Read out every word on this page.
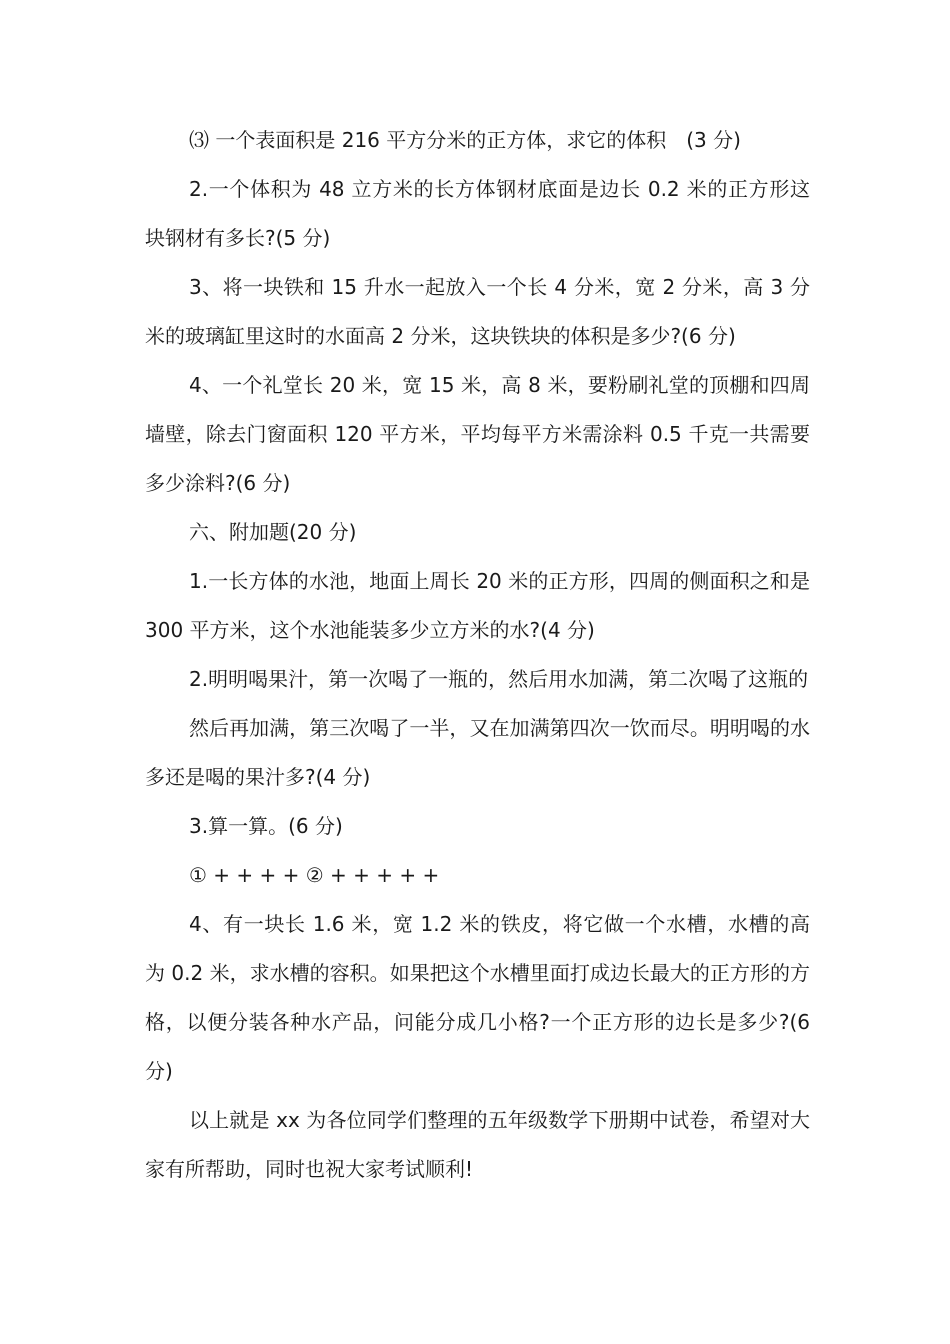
⑶ 一个表面积是 216 平方分米的正方体，求它的体积　(3 分)

2.一个体积为 48 立方米的长方体钢材底面是边长 0.2 米的正方形这块钢材有多长?(5 分)

3、将一块铁和 15 升水一起放入一个长 4 分米，宽 2 分米，高 3 分米的玻璃缸里这时的水面高 2 分米，这块铁块的体积是多少?(6 分)

4、一个礼堂长 20 米，宽 15 米，高 8 米，要粉刷礼堂的顶棚和四周墙壁，除去门窗面积 120 平方米，平均每平方米需涂料 0.5 千克一共需要多少涂料?(6 分)

六、附加题(20 分)

1.一长方体的水池，地面上周长 20 米的正方形，四周的侧面积之和是 300 平方米，这个水池能装多少立方米的水?(4 分)

2.明明喝果汁，第一次喝了一瓶的，然后用水加满，第二次喝了这瓶的

然后再加满，第三次喝了一半，又在加满第四次一饮而尽。明明喝的水多还是喝的果汁多?(4 分)

3.算一算。(6 分)

① + + + + ② + + + + +

4、有一块长 1.6 米，宽 1.2 米的铁皮，将它做一个水槽，水槽的高为 0.2 米，求水槽的容积。如果把这个水槽里面打成边长最大的正方形的方格，以便分装各种水产品，问能分成几小格?一个正方形的边长是多少?(6 分)

以上就是 xx 为各位同学们整理的五年级数学下册期中试卷，希望对大家有所帮助，同时也祝大家考试顺利!
